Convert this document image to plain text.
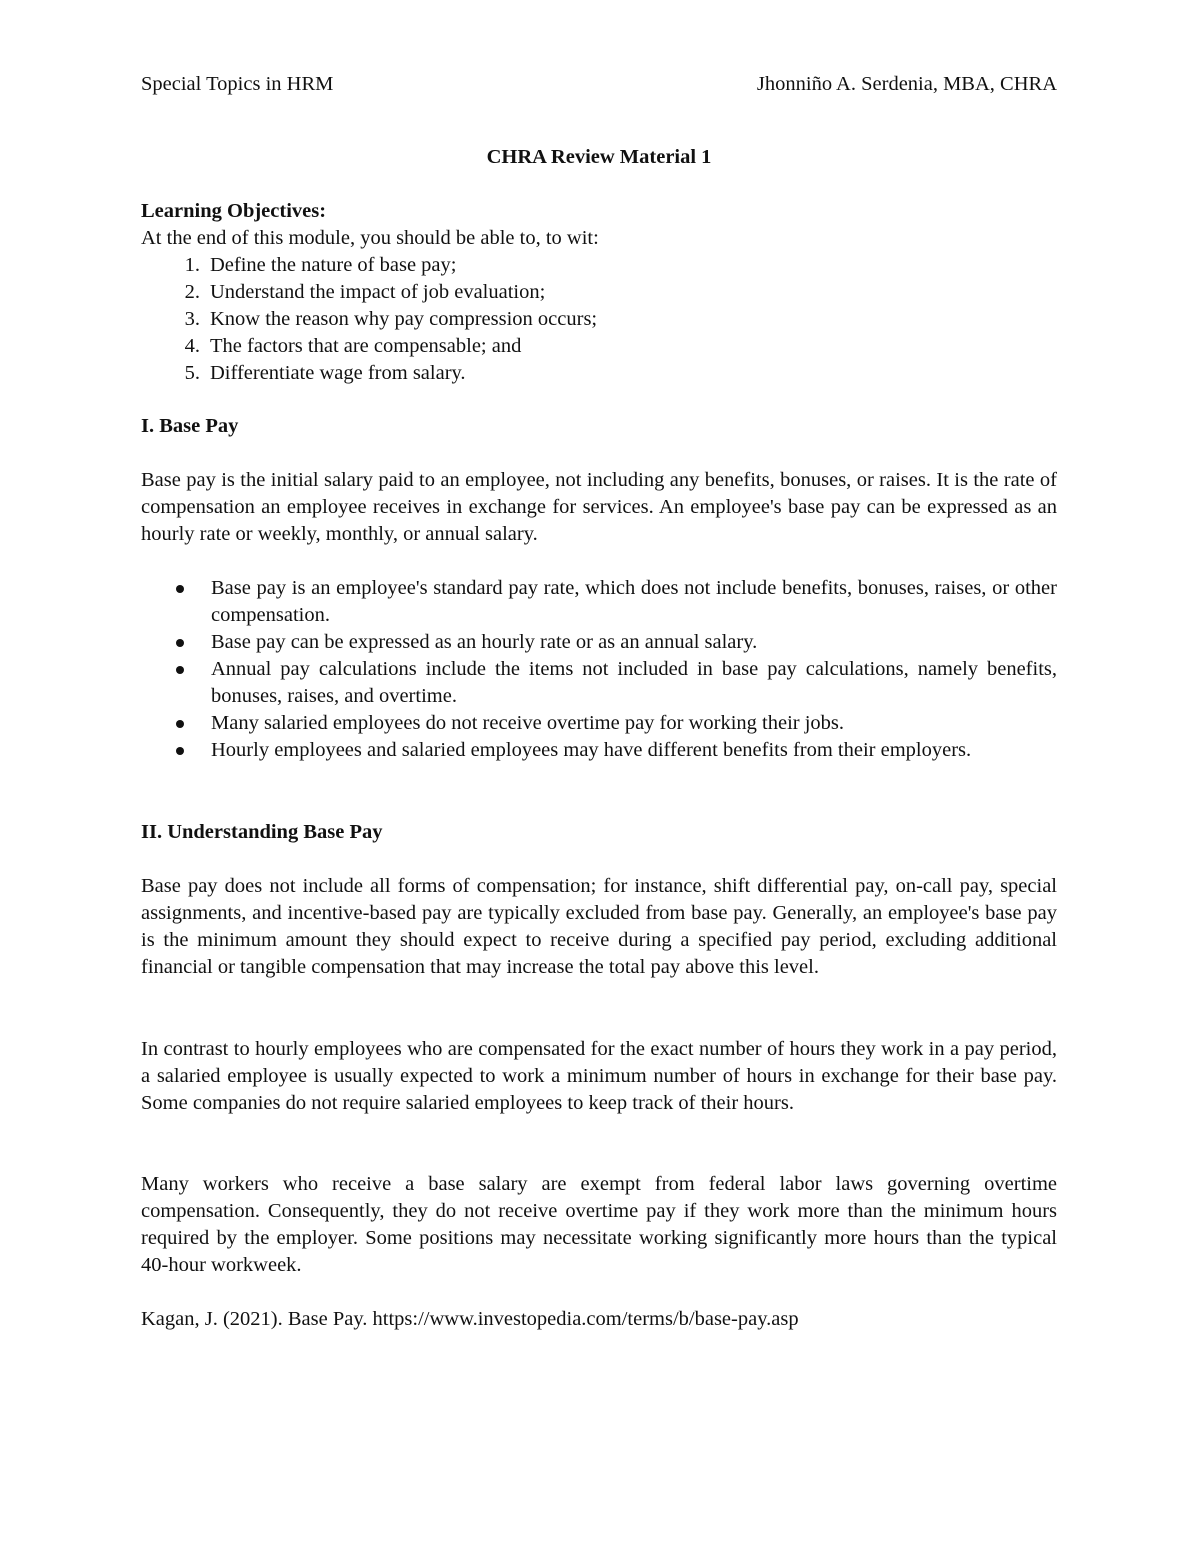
Special Topics in HRM	Jhonniño A. Serdenia, MBA, CHRA
CHRA Review Material 1
Learning Objectives:
At the end of this module, you should be able to, to wit:
1. Define the nature of base pay;
2. Understand the impact of job evaluation;
3. Know the reason why pay compression occurs;
4. The factors that are compensable; and
5. Differentiate wage from salary.
I. Base Pay
Base pay is the initial salary paid to an employee, not including any benefits, bonuses, or raises. It is the rate of compensation an employee receives in exchange for services. An employee's base pay can be expressed as an hourly rate or weekly, monthly, or annual salary.
Base pay is an employee's standard pay rate, which does not include benefits, bonuses, raises, or other compensation.
Base pay can be expressed as an hourly rate or as an annual salary.
Annual pay calculations include the items not included in base pay calculations, namely benefits, bonuses, raises, and overtime.
Many salaried employees do not receive overtime pay for working their jobs.
Hourly employees and salaried employees may have different benefits from their employers.
II. Understanding Base Pay
Base pay does not include all forms of compensation; for instance, shift differential pay, on-call pay, special assignments, and incentive-based pay are typically excluded from base pay. Generally, an employee's base pay is the minimum amount they should expect to receive during a specified pay period, excluding additional financial or tangible compensation that may increase the total pay above this level.
In contrast to hourly employees who are compensated for the exact number of hours they work in a pay period, a salaried employee is usually expected to work a minimum number of hours in exchange for their base pay. Some companies do not require salaried employees to keep track of their hours.
Many workers who receive a base salary are exempt from federal labor laws governing overtime compensation. Consequently, they do not receive overtime pay if they work more than the minimum hours required by the employer. Some positions may necessitate working significantly more hours than the typical 40-hour workweek.
Kagan, J. (2021). Base Pay. https://www.investopedia.com/terms/b/base-pay.asp
